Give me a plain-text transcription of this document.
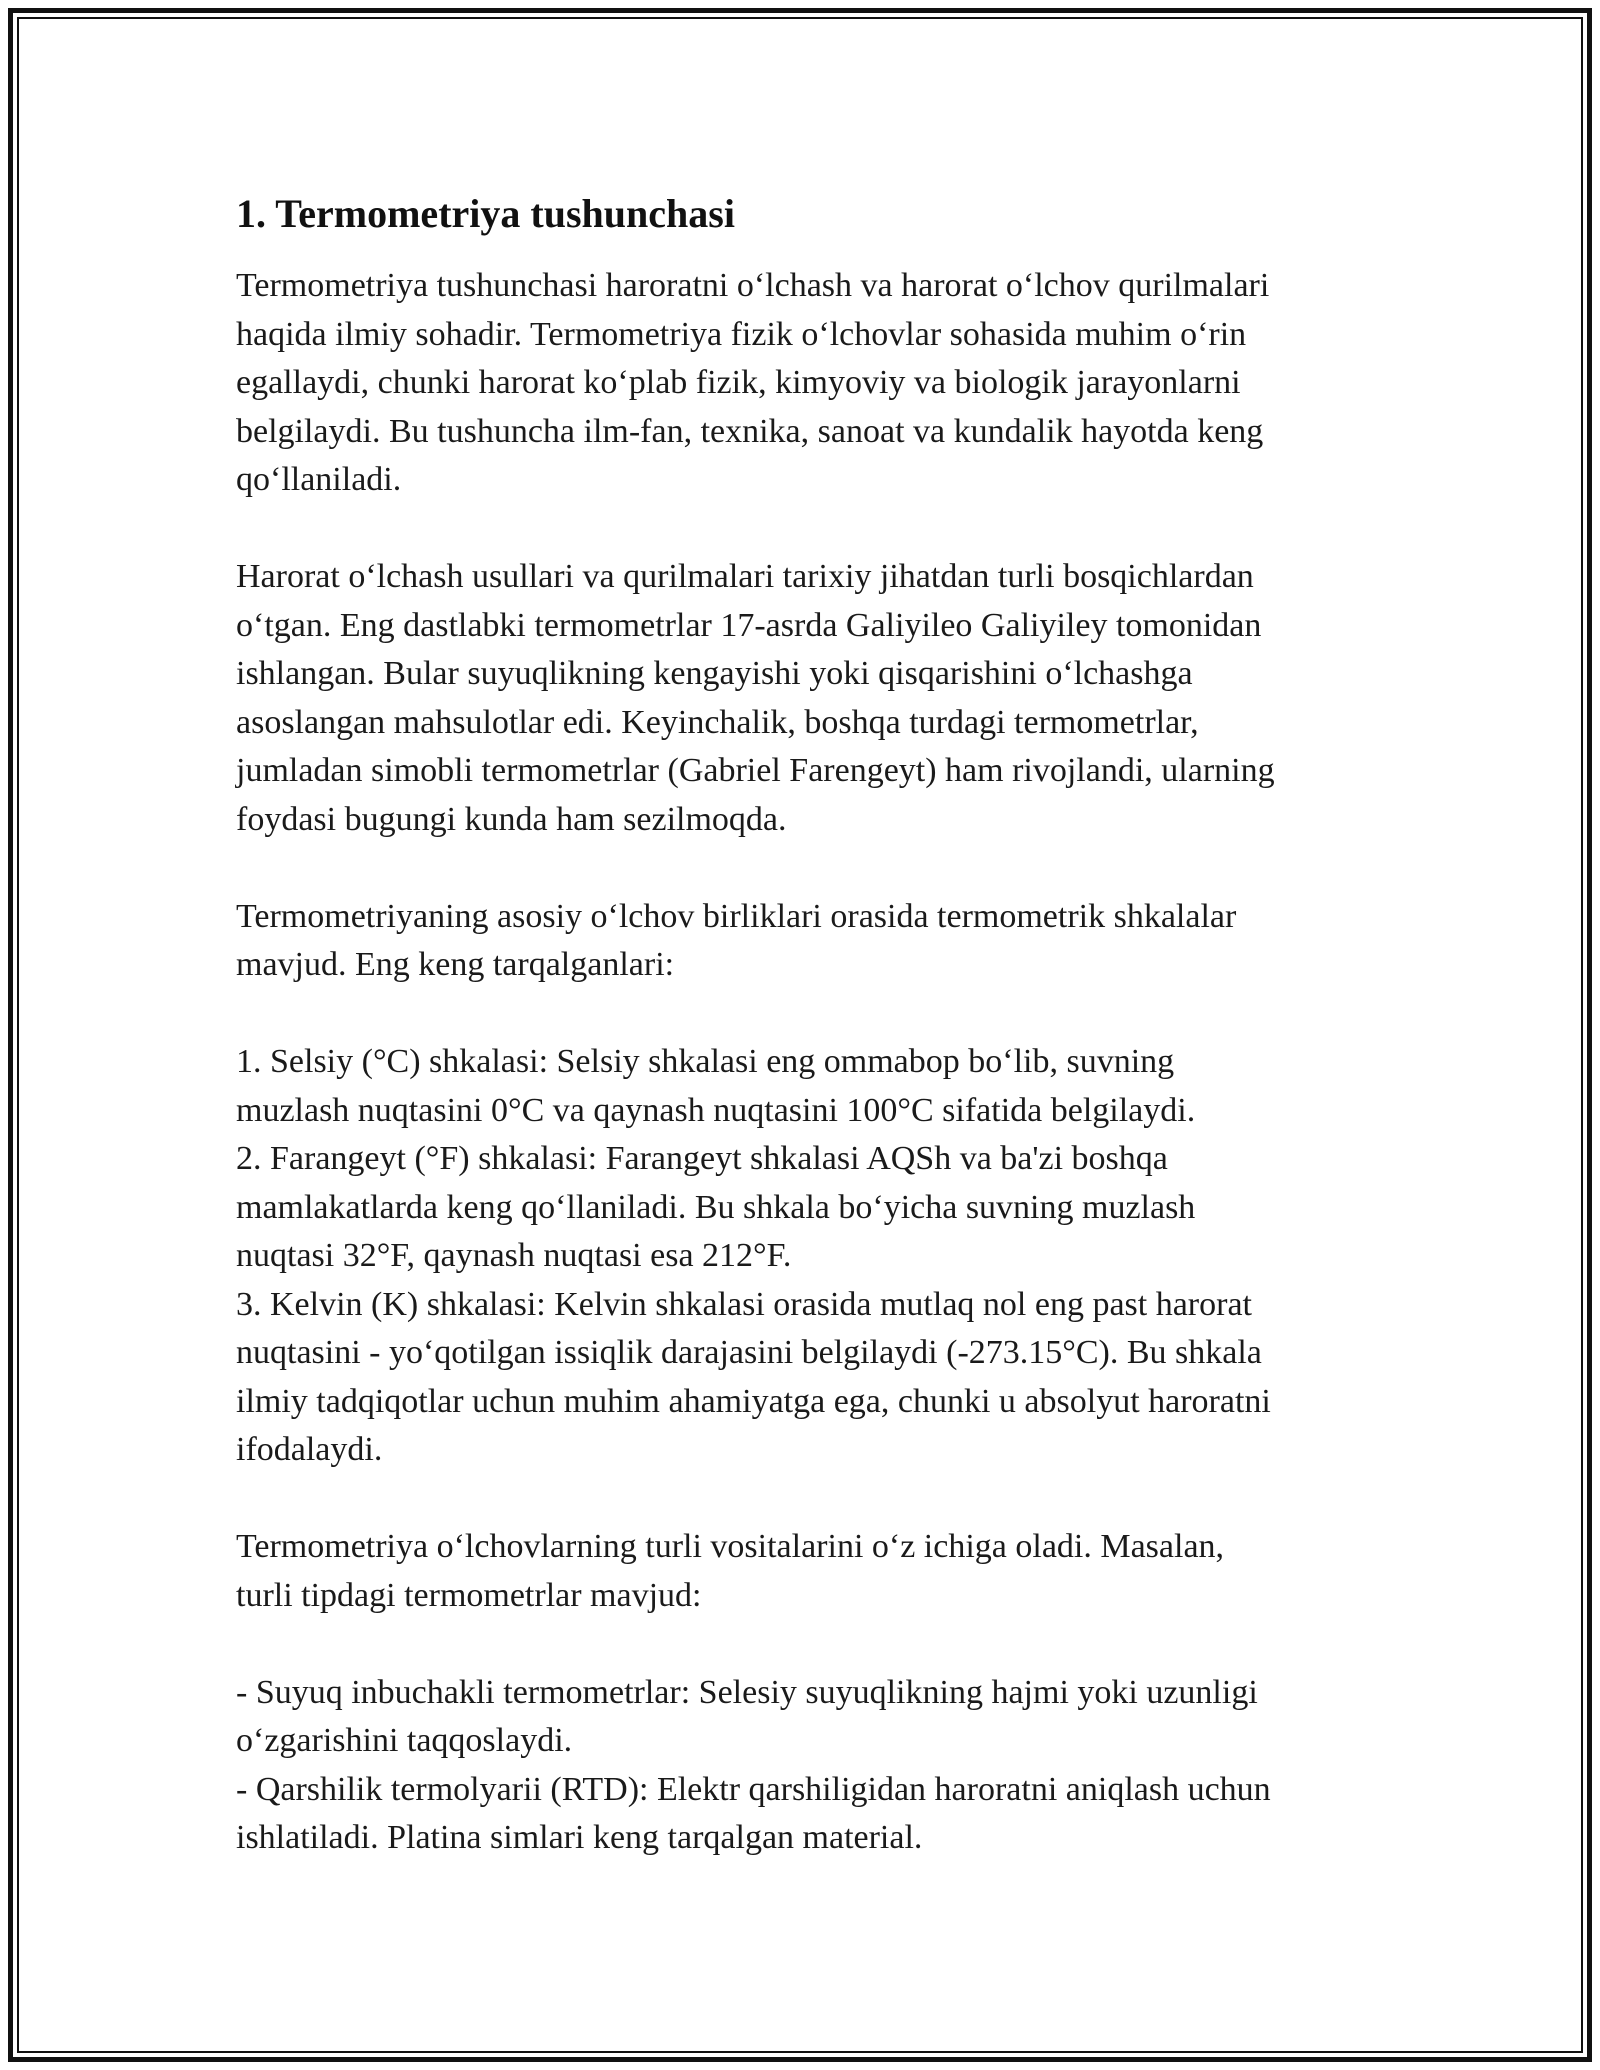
1. Termometriya tushunchasi

Termometriya tushunchasi haroratni o‘lchash va harorat o‘lchov qurilmalari
haqida ilmiy sohadir. Termometriya fizik o‘lchovlar sohasida muhim o‘rin
egallaydi, chunki harorat ko‘plab fizik, kimyoviy va biologik jarayonlarni
belgilaydi. Bu tushuncha ilm-fan, texnika, sanoat va kundalik hayotda keng
qo‘llaniladi.

Harorat o‘lchash usullari va qurilmalari tarixiy jihatdan turli bosqichlardan
o‘tgan. Eng dastlabki termometrlar 17-asrda Galiyileo Galiyiley tomonidan
ishlangan. Bular suyuqlikning kengayishi yoki qisqarishini o‘lchashga
asoslangan mahsulotlar edi. Keyinchalik, boshqa turdagi termometrlar,
jumladan simobli termometrlar (Gabriel Farengeyt) ham rivojlandi, ularning
foydasi bugungi kunda ham sezilmoqda.

Termometriyaning asosiy o‘lchov birliklari orasida termometrik shkalalar
mavjud. Eng keng tarqalganlari:

1. Selsiy (°C) shkalasi: Selsiy shkalasi eng ommabop bo‘lib, suvning
muzlash nuqtasini 0°C va qaynash nuqtasini 100°C sifatida belgilaydi.
2. Farangeyt (°F) shkalasi: Farangeyt shkalasi AQSh va ba'zi boshqa
mamlakatlarda keng qo‘llaniladi. Bu shkala bo‘yicha suvning muzlash
nuqtasi 32°F, qaynash nuqtasi esa 212°F.
3. Kelvin (K) shkalasi: Kelvin shkalasi orasida mutlaq nol eng past harorat
nuqtasini - yo‘qotilgan issiqlik darajasini belgilaydi (-273.15°C). Bu shkala
ilmiy tadqiqotlar uchun muhim ahamiyatga ega, chunki u absolyut haroratni
ifodalaydi.

Termometriya o‘lchovlarning turli vositalarini o‘z ichiga oladi. Masalan,
turli tipdagi termometrlar mavjud:

- Suyuq inbuchakli termometrlar: Selesiy suyuqlikning hajmi yoki uzunligi
o‘zgarishini taqqoslaydi.
- Qarshilik termolyarii (RTD): Elektr qarshiligidan haroratni aniqlash uchun
ishlatiladi. Platina simlari keng tarqalgan material.
